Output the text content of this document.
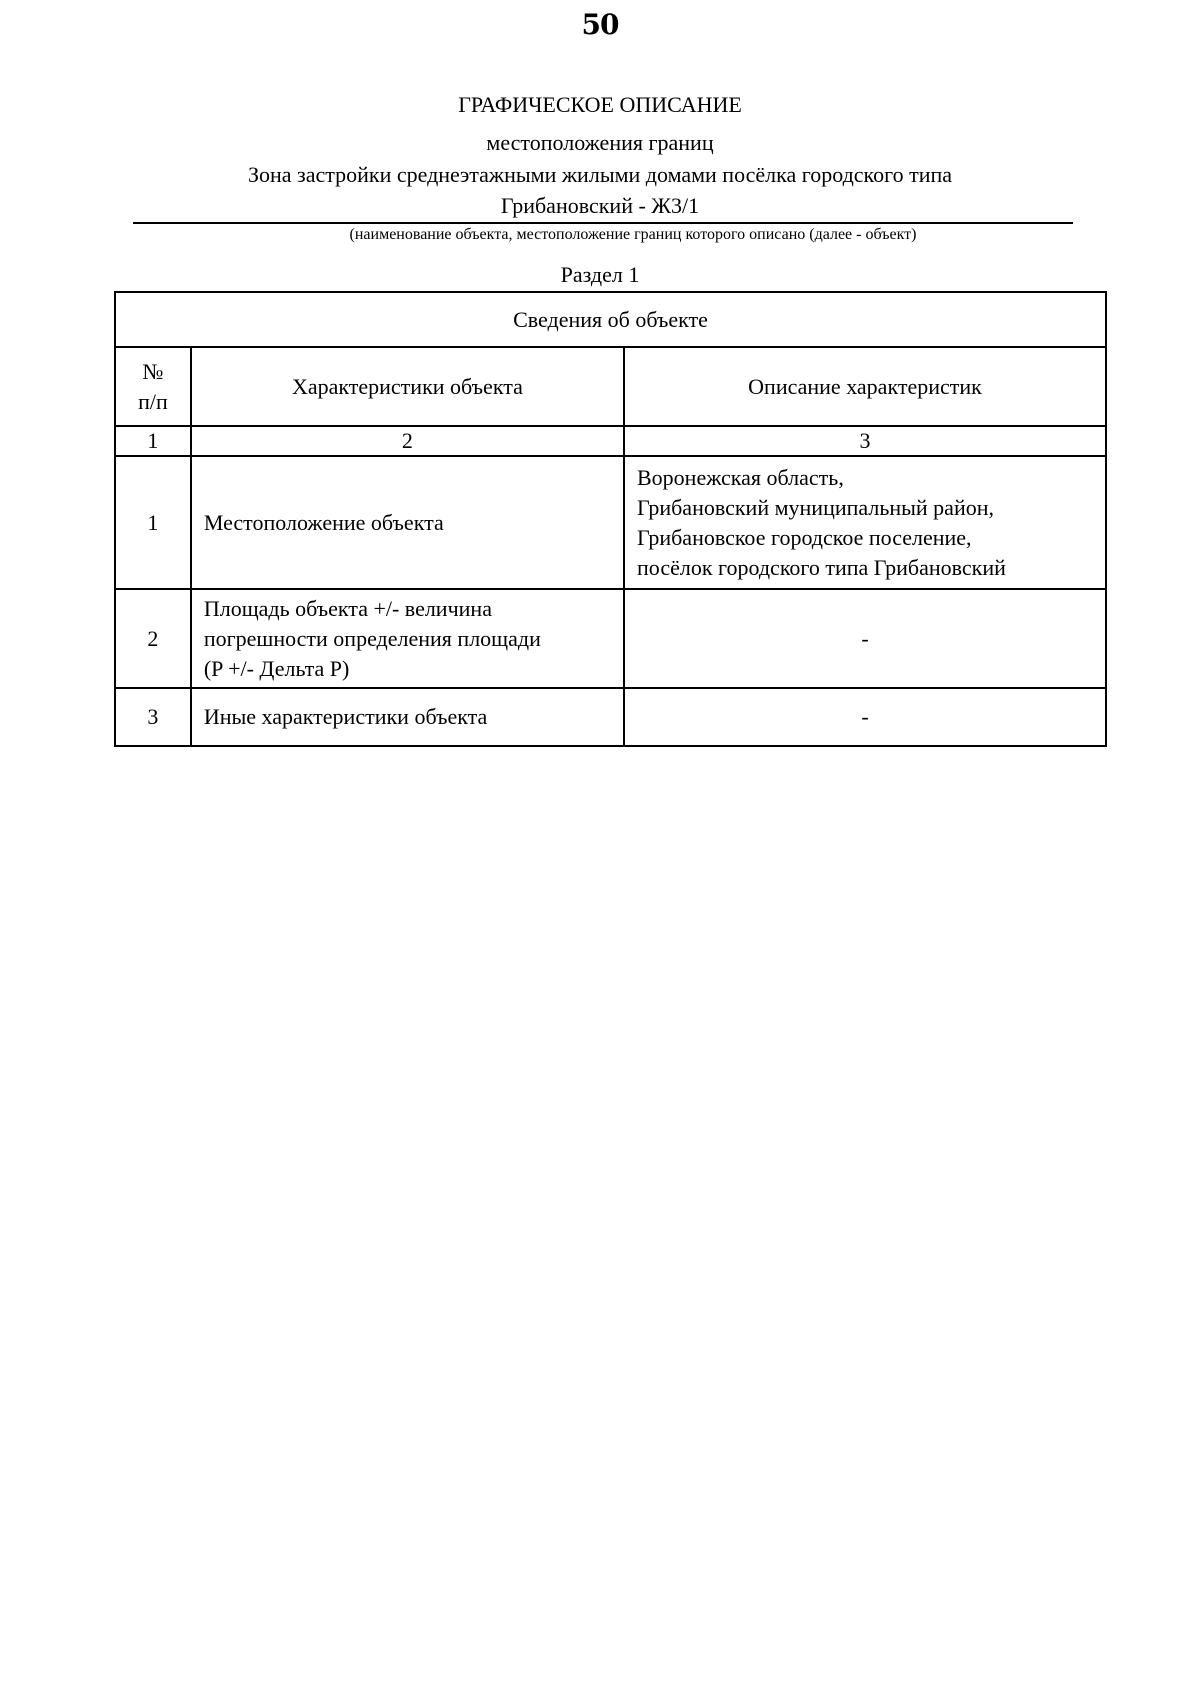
50
ГРАФИЧЕСКОЕ ОПИСАНИЕ
местоположения границ
Зона застройки среднеэтажными жилыми домами посёлка городского типа
Грибановский - Ж3/1
(наименование объекта, местоположение границ которого описано (далее - объект)
Раздел 1
Сведения об объекте		

№
п/п	Характеристики объекта	Описание характеристик
1	2	3
1	Местоположение объекта	Воронежская область,
Грибановский муниципальный район,
Грибановское городское поселение,
посёлок городского типа Грибановский

2	Площадь объекта +/- величина
погрешности определения площади
(P +/- Дельта P)	-
3	Иные характеристики объекта	-
